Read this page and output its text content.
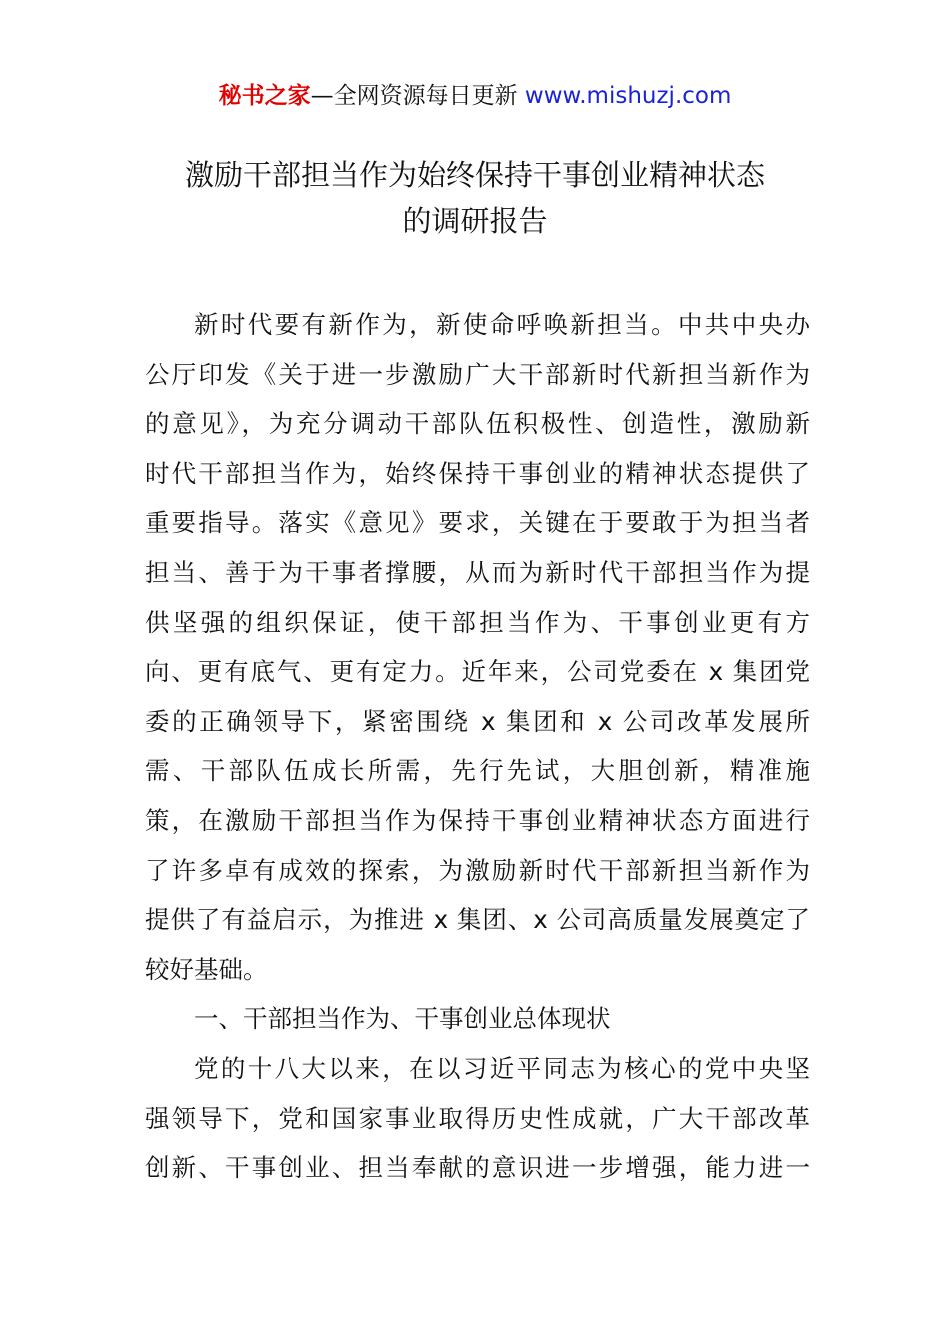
秘书之家—全网资源每日更新 www.mishuzj.com
激励干部担当作为始终保持干事创业精神状态
的调研报告
新时代要有新作为，新使命呼唤新担当。中共中央办
公厅印发《关于进一步激励广大干部新时代新担当新作为
的意见》，为充分调动干部队伍积极性、创造性，激励新
时代干部担当作为，始终保持干事创业的精神状态提供了
重要指导。落实《意见》要求，关键在于要敢于为担当者
担当、善于为干事者撑腰，从而为新时代干部担当作为提
供坚强的组织保证，使干部担当作为、干事创业更有方
向、更有底气、更有定力。近年来，公司党委在 x 集团党
委的正确领导下，紧密围绕 x 集团和 x 公司改革发展所
需、干部队伍成长所需，先行先试，大胆创新，精准施
策，在激励干部担当作为保持干事创业精神状态方面进行
了许多卓有成效的探索，为激励新时代干部新担当新作为
提供了有益启示，为推进 x 集团、x 公司高质量发展奠定了
较好基础。
一、干部担当作为、干事创业总体现状
党的十八大以来，在以习近平同志为核心的党中央坚
强领导下，党和国家事业取得历史性成就，广大干部改革
创新、干事创业、担当奉献的意识进一步增强，能力进一
